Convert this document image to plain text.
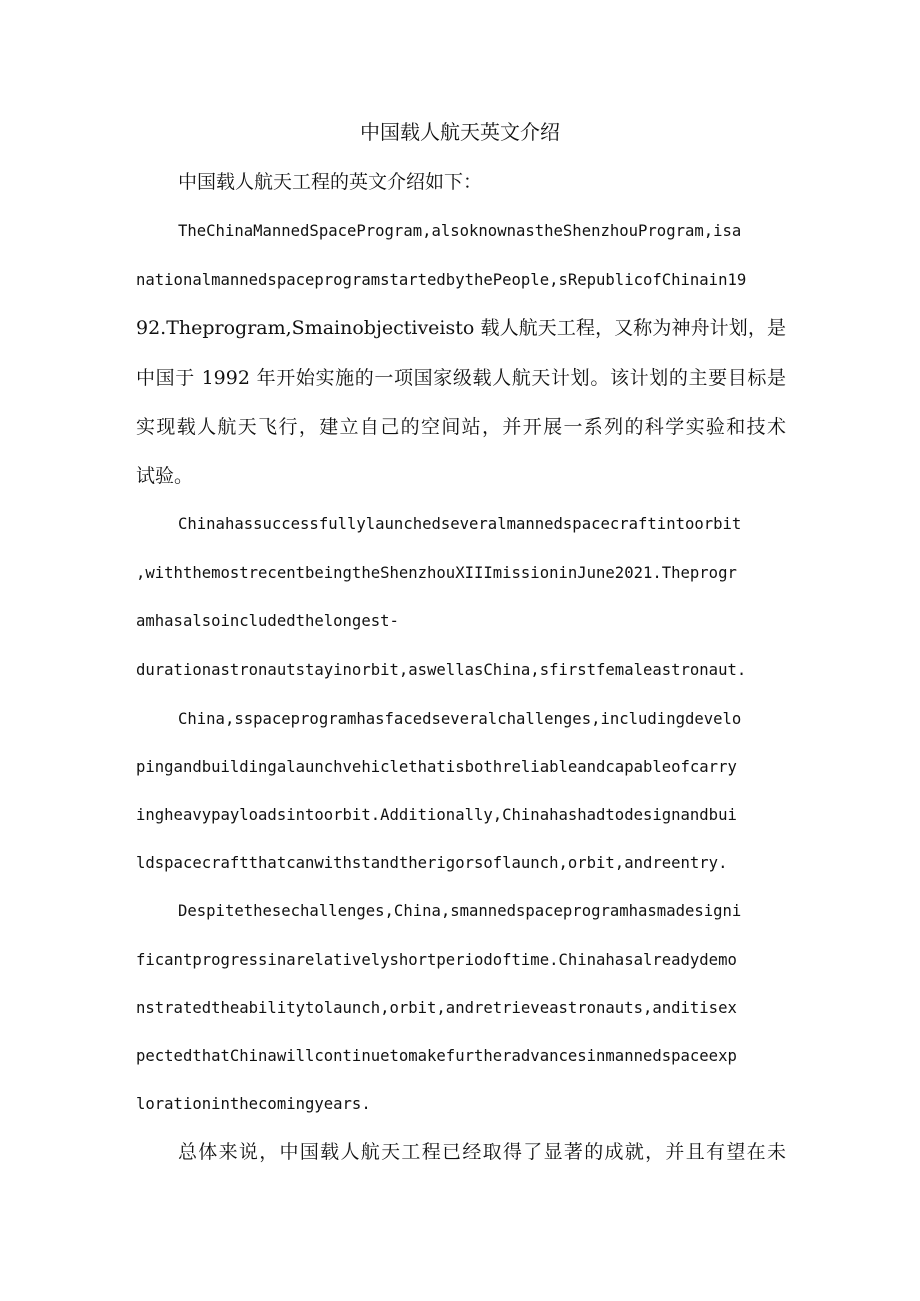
中国载人航天英文介绍
中国载人航天工程的英文介绍如下：
TheChinaMannedSpaceProgram,alsoknownastheShenzhouProgram,isa
nationalmannedspaceprogramstartedbythePeople,sRepublicofChinain19
92.Theprogram,Smainobjectiveisto 载人航天工程，又称为神舟计划，是
中国于 1992 年开始实施的一项国家级载人航天计划。该计划的主要目标是
实现载人航天飞行，建立自己的空间站，并开展一系列的科学实验和技术
试验。
Chinahassuccessfullylaunchedseveralmannedspacecraftintoorbit
,withthemostrecentbeingtheShenzhouXIIImissioninJune2021.Theprogr
amhasalsoincludedthelongest-
durationastronautstayinorbit,aswellasChina,sfirstfemaleastronaut.
China,sspaceprogramhasfacedseveralchallenges,includingdevelo
pingandbuildingalaunchvehiclethatisbothreliableandcapableofcarry
ingheavypayloadsintoorbit.Additionally,Chinahashadtodesignandbui
ldspacecraftthatcanwithstandtherigorsoflaunch,orbit,andreentry.
Despitethesechallenges,China,smannedspaceprogramhasmadesigni
ficantprogressinarelativelyshortperiodoftime.Chinahasalreadydemo
nstratedtheabilitytolaunch,orbit,andretrieveastronauts,anditisex
pectedthatChinawillcontinuetomakefurtheradvancesinmannedspaceexp
lorationinthecomingyears.
总体来说，中国载人航天工程已经取得了显著的成就，并且有望在未
